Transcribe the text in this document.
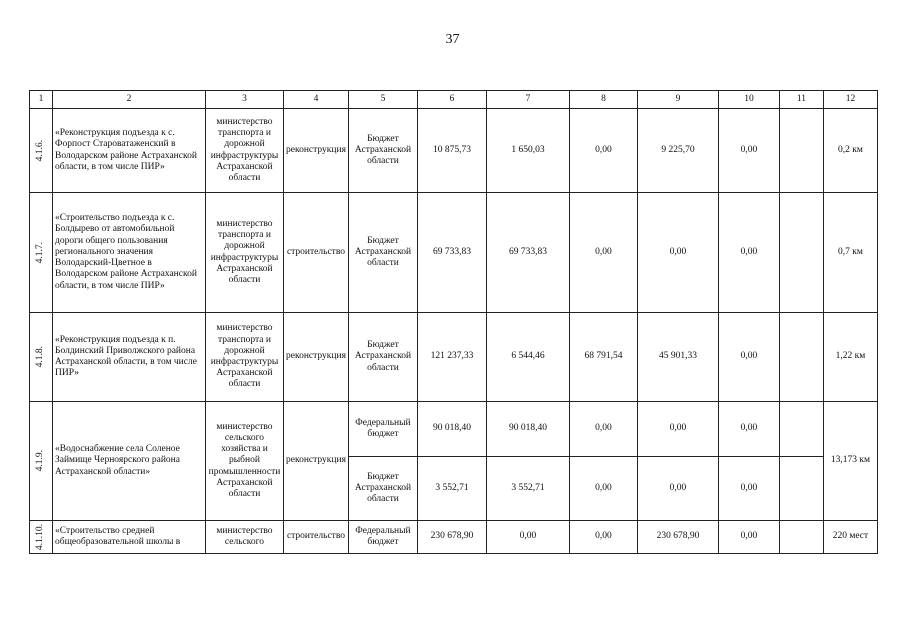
37
1	2	3	4	5	6	7	8	9	10	11	12

4.1.6.	«Реконструкция подъезда к с. Форпост Староватаженский в Володарском районе Астраханской области, в том числе ПИР»	министерство транспорта и дорожной инфраструктуры Астраханской области	реконструкция	Бюджет Астраханской области	10 875,73	1 650,03	0,00	9 225,70	0,00		0,2 км

4.1.7.	«Строительство подъезда к с. Болдырево от автомобильной дороги общего пользования регионального значения Володарский-Цветное в Володарском районе Астраханской области, в том числе ПИР»	министерство транспорта и дорожной инфраструктуры Астраханской области	строительство	Бюджет Астраханской области	69 733,83	69 733,83	0,00	0,00	0,00		0,7 км

4.1.8.	«Реконструкция подъезда к п. Болдинский Приволжского района Астраханской области, в том числе ПИР»	министерство транспорта и дорожной инфраструктуры Астраханской области	реконструкция	Бюджет Астраханской области	121 237,33	6 544,46	68 791,54	45 901,33	0,00		1,22 км

4.1.9.	«Водоснабжение села Соленое Займище Черноярского района Астраханской области»	министерство сельского хозяйства и рыбной промышленности Астраханской области	реконструкция	Федеральный бюджет	90 018,40	90 018,40	0,00	0,00	0,00		13,173 км
				Бюджет Астраханской области	3 552,71	3 552,71	0,00	0,00	0,00		

4.1.10.	«Строительство средней общеобразовательной школы в	министерство сельского	строительство	Федеральный бюджет	230 678,90	0,00	0,00	230 678,90	0,00		220 мест
